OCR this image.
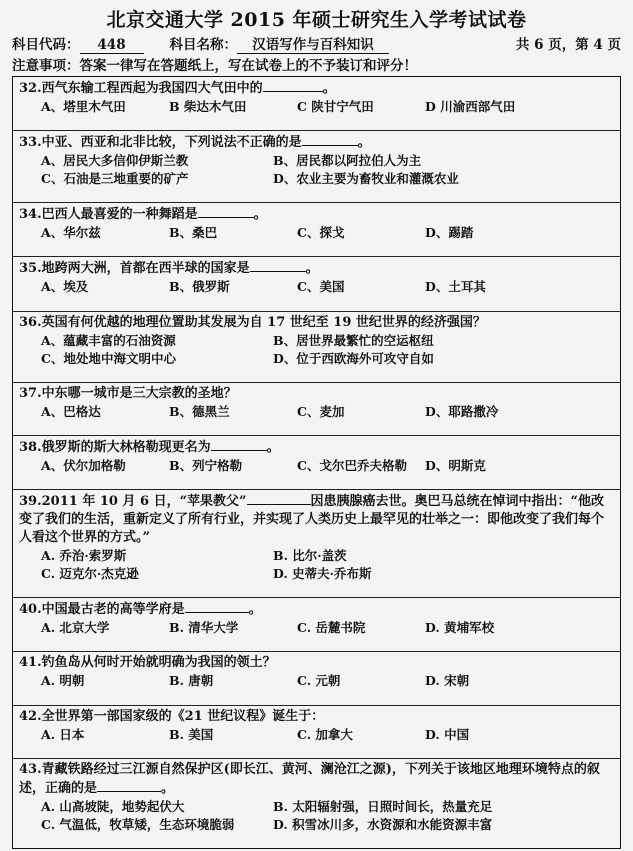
北京交通大学 2015 年硕士研究生入学考试试卷
科目代码：	448	科目名称：	汉语写作与百科知识	共 6 页，第 4 页
注意事项：答案一律写在答题纸上，写在试卷上的不予装订和评分！
32.西气东输工程西起为我国四大气田中的	。
A、塔里木气田	B 柴达木气田	C 陕甘宁气田	D 川渝西部气田
33.中亚、西亚和北非比较，下列说法不正确的是	。
A、居民大多信仰伊斯兰教	B、居民都以阿拉伯人为主
C、石油是三地重要的矿产	D、农业主要为畜牧业和灌溉农业
34.巴西人最喜爱的一种舞蹈是	。
A、华尔兹	B、桑巴	C、探戈	D、踢踏
35.地跨两大洲，首都在西半球的国家是	。
A、埃及	B、俄罗斯	C、美国	D、土耳其
36.英国有何优越的地理位置助其发展为自 17 世纪至 19 世纪世界的经济强国？
A、蕴藏丰富的石油资源	B、居世界最繁忙的空运枢纽
C、地处地中海文明中心	D、位于西欧海外可攻守自如
37.中东哪一城市是三大宗教的圣地？
A、巴格达	B、德黑兰	C、麦加	D、耶路撒冷
38.俄罗斯的斯大林格勒现更名为	。
A、伏尔加格勒	B、列宁格勒	C、戈尔巴乔夫格勒	D、明斯克
39.2011 年 10 月 6 日，“苹果教父”	因患胰腺癌去世。奥巴马总统在悼词中指出：“他改变了我们的生活，重新定义了所有行业，并实现了人类历史上最罕见的壮举之一：即他改变了我们每个人看这个世界的方式。”
A. 乔治·索罗斯	B. 比尔·盖茨
C. 迈克尔·杰克逊	D. 史蒂夫·乔布斯
40.中国最古老的高等学府是	。
A. 北京大学	B. 清华大学	C. 岳麓书院	D. 黄埔军校
41.钓鱼岛从何时开始就明确为我国的领土？
A. 明朝	B. 唐朝	C. 元朝	D. 宋朝
42.全世界第一部国家级的《21 世纪议程》诞生于：
A. 日本	B. 美国	C. 加拿大	D. 中国
43.青藏铁路经过三江源自然保护区(即长江、黄河、澜沧江之源)，下列关于该地区地理环境特点的叙述，正确的是	。
A. 山高坡陡，地势起伏大	B. 太阳辐射强，日照时间长，热量充足
C. 气温低，牧草矮，生态环境脆弱	D. 积雪冰川多，水资源和水能资源丰富
